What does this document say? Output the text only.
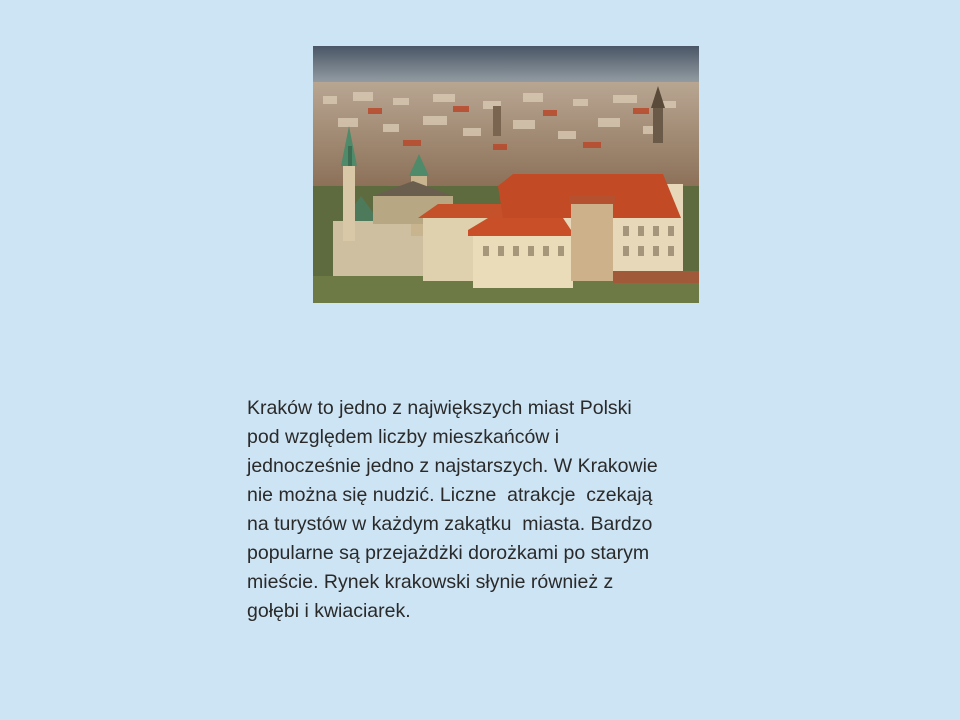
Kraków to jedno z największych miast Polski
pod względem liczby mieszkańców i
jednocześnie jedno z najstarszych. W Krakowie
nie można się nudzić. Liczne  atrakcje  czekają
na turystów w każdym zakątku  miasta. Bardzo
popularne są przejażdżki dorożkami po starym
mieście. Rynek krakowski słynie również z
gołębi i kwiaciarek.
